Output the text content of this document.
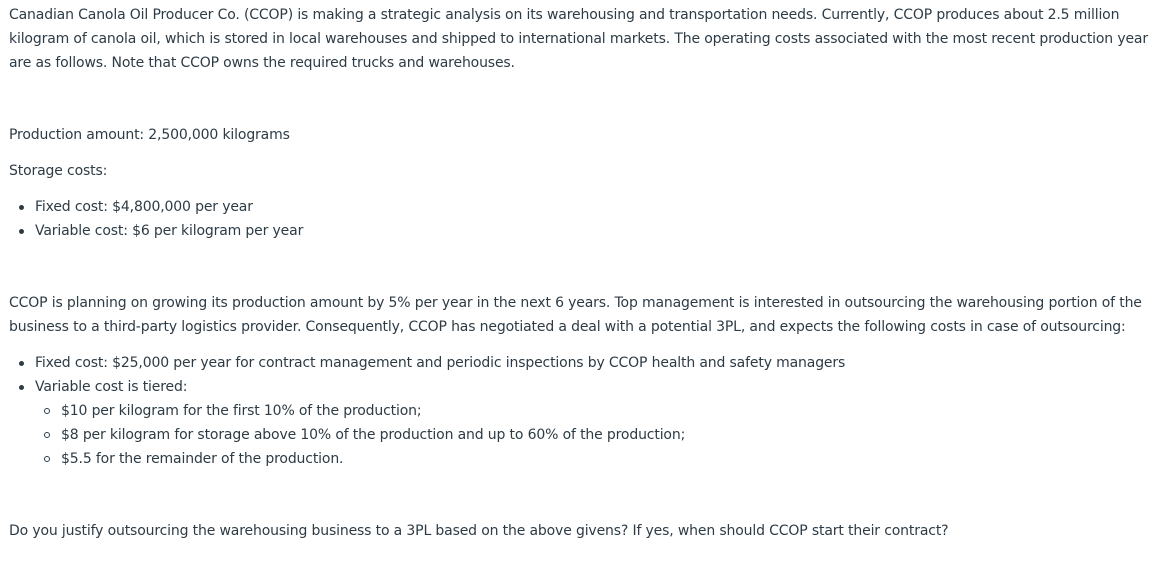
Canadian Canola Oil Producer Co. (CCOP) is making a strategic analysis on its warehousing and transportation needs. Currently, CCOP produces about 2.5 million kilogram of canola oil, which is stored in local warehouses and shipped to international markets. The operating costs associated with the most recent production year are as follows. Note that CCOP owns the required trucks and warehouses.

Production amount: 2,500,000 kilograms

Storage costs:

Fixed cost: $4,800,000 per year
Variable cost: $6 per kilogram per year

CCOP is planning on growing its production amount by 5% per year in the next 6 years. Top management is interested in outsourcing the warehousing portion of the business to a third-party logistics provider. Consequently, CCOP has negotiated a deal with a potential 3PL, and expects the following costs in case of outsourcing:

Fixed cost: $25,000 per year for contract management and periodic inspections by CCOP health and safety managers
Variable cost is tiered:
$10 per kilogram for the first 10% of the production;
$8 per kilogram for storage above 10% of the production and up to 60% of the production;
$5.5 for the remainder of the production.

Do you justify outsourcing the warehousing business to a 3PL based on the above givens? If yes, when should CCOP start their contract?
